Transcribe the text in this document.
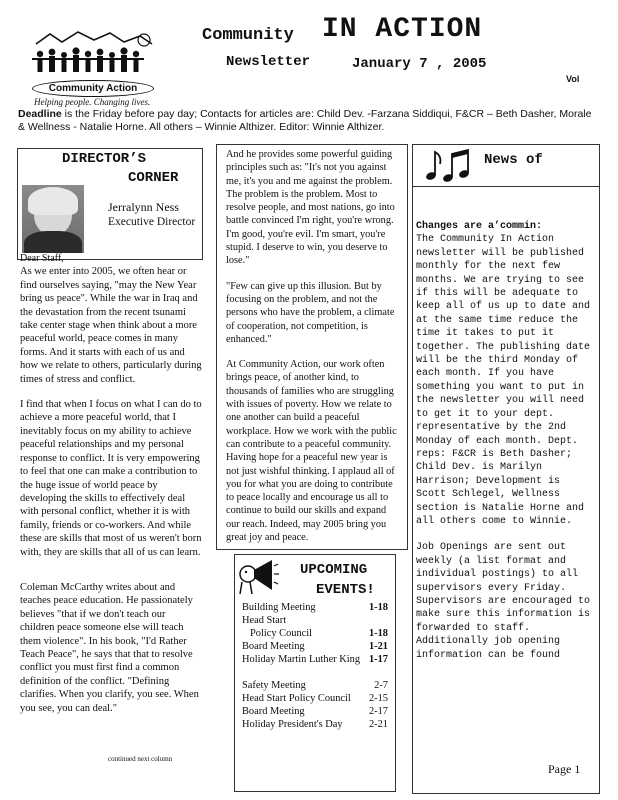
Community Action
Helping people. Changing lives.
Community IN ACTION
Newsletter	January 7 , 2005
Vol
Deadline is the Friday before pay day; Contacts for articles are: Child Dev. -Farzana Siddiqui, F&CR – Beth Dasher, Morale & Wellness - Natalie Horne. All others – Winnie Althizer. Editor: Winnie Althizer.
DIRECTOR’S
CORNER
Jerralynn Ness
Executive Director

Dear Staff,

As we enter into 2005, we often hear or find ourselves saying, "may the New Year bring us peace". While the war in Iraq and the devastation from the recent tsunami take center stage when think about a more peaceful world, peace comes in many forms. And it starts with each of us and how we relate to others, particularly during times of stress and conflict.

I find that when I focus on what I can do to achieve a more peaceful world, that I inevitably focus on my ability to achieve peaceful relationships and my personal response to conflict. It is very empowering to feel that one can make a contribution to the huge issue of world peace by developing the skills to effectively deal with personal conflict, whether it is with family, friends or co-workers. And while these are skills that most of us weren't born with, they are skills that all of us can learn.

Coleman McCarthy writes about and teaches peace education. He passionately believes "that if we don't teach our children peace someone else will teach them violence". In his book, "I'd Rather Teach Peace", he says that that to resolve conflict you must first find a common definition of the conflict. "Defining clarifies. When you clarify, you see. When you see, you can deal."

continued next column

And he provides some powerful guiding principles such as: "It's not you against me, it's you and me against the problem. The problem is the problem. Most to resolve people, and most nations, go into battle convinced I'm right, you're wrong. I'm good, you're evil. I'm smart, you're stupid. I deserve to win, you deserve to lose."

"Few can give up this illusion. But by focusing on the problem, and not the persons who have the problem, a climate of cooperation, not competition, is enhanced."

At Community Action, our work often brings peace, of another kind, to thousands of families who are struggling with issues of poverty. How we relate to one another can build a peaceful workplace. How we work with the public can contribute to a peaceful community. Having hope for a peaceful new year is not just wishful thinking. I applaud all of you for what you are doing to contribute to peace locally and encourage us all to continue to build our skills and expand our reach. Indeed, may 2005 bring you great joy and peace.

UPCOMING
EVENTS!
Building Meeting	1-18
Head Start
Policy Council	1-18
Board Meeting	1-21
Holiday Martin Luther King 1-17
Safety Meeting	2-7
Head Start Policy Council 2-15
Board Meeting	2-17
Holiday President's Day	2-21
News of

Changes are a’commin:

The Community In Action newsletter will be published monthly for the next few months. We are trying to see if this will be adequate to keep all of us up to date and at the same time reduce the time it takes to put it together. The publishing date will be the third Monday of each month. If you have something you want to put in the newsletter you will need to get it to your dept. representative by the 2nd Monday of each month. Dept. reps: F&CR is Beth Dasher; Child Dev. is Marilyn Harrison; Development is Scott Schlegel, Wellness section is Natalie Horne and all others come to Winnie.

Job Openings are sent out weekly (a list format and individual postings) to all supervisors every Friday. Supervisors are encouraged to make sure this information is forwarded to staff. Additionally job opening information can be found

Page 1
